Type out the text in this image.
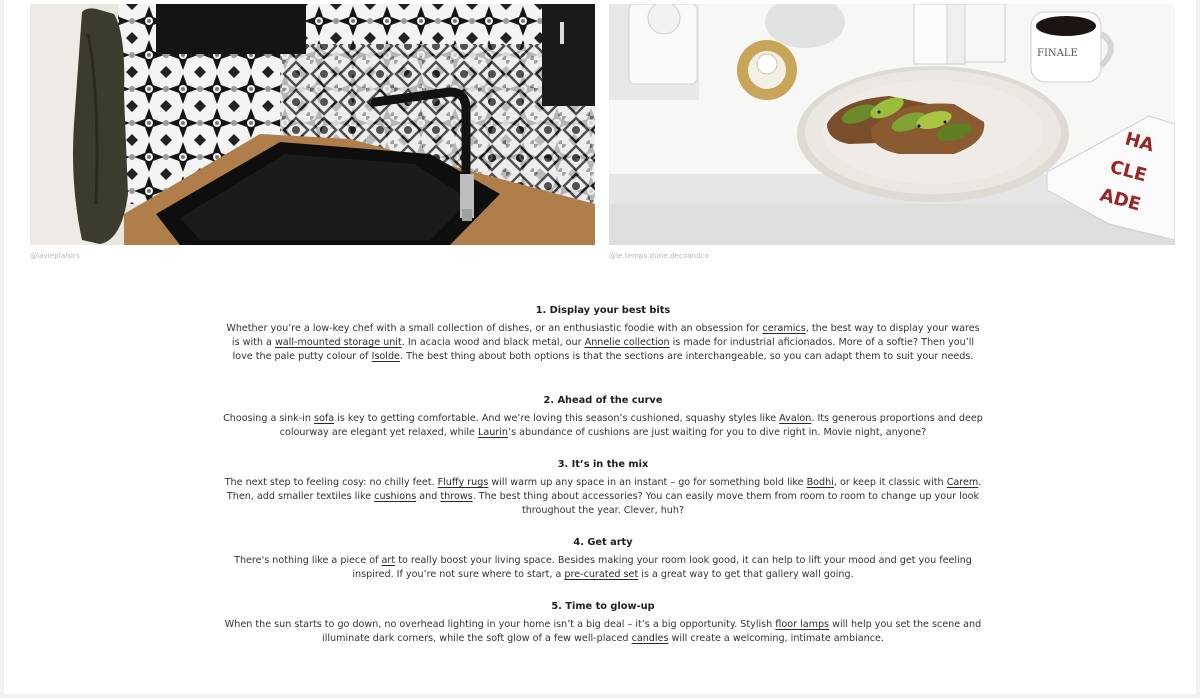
FINALE
HA
CLE
ADE
@lavieplaisirs	@le.temps.dune.decoandco
1. Display your best bits

Whether you’re a low-key chef with a small collection of dishes, or an enthusiastic foodie with an obsession for ceramics, the best way to display your wares is with a wall-mounted storage unit. In acacia wood and black metal, our Annelie collection is made for industrial aficionados. More of a softie? Then you’ll love the pale putty colour of Isolde. The best thing about both options is that the sections are interchangeable, so you can adapt them to suit your needs.

2. Ahead of the curve

Choosing a sink-in sofa is key to getting comfortable. And we’re loving this season’s cushioned, squashy styles like Avalon. Its generous proportions and deep colourway are elegant yet relaxed, while Laurin’s abundance of cushions are just waiting for you to dive right in. Movie night, anyone?

3. It’s in the mix

The next step to feeling cosy: no chilly feet. Fluffy rugs will warm up any space in an instant – go for something bold like Bodhi, or keep it classic with Carem. Then, add smaller textiles like cushions and throws. The best thing about accessories? You can easily move them from room to room to change up your look throughout the year. Clever, huh?

4. Get arty

There's nothing like a piece of art to really boost your living space. Besides making your room look good, it can help to lift your mood and get you feeling inspired. If you’re not sure where to start, a pre-curated set is a great way to get that gallery wall going.

5. Time to glow-up

When the sun starts to go down, no overhead lighting in your home isn’t a big deal – it’s a big opportunity. Stylish floor lamps will help you set the scene and illuminate dark corners, while the soft glow of a few well-placed candles will create a welcoming, intimate ambiance.
